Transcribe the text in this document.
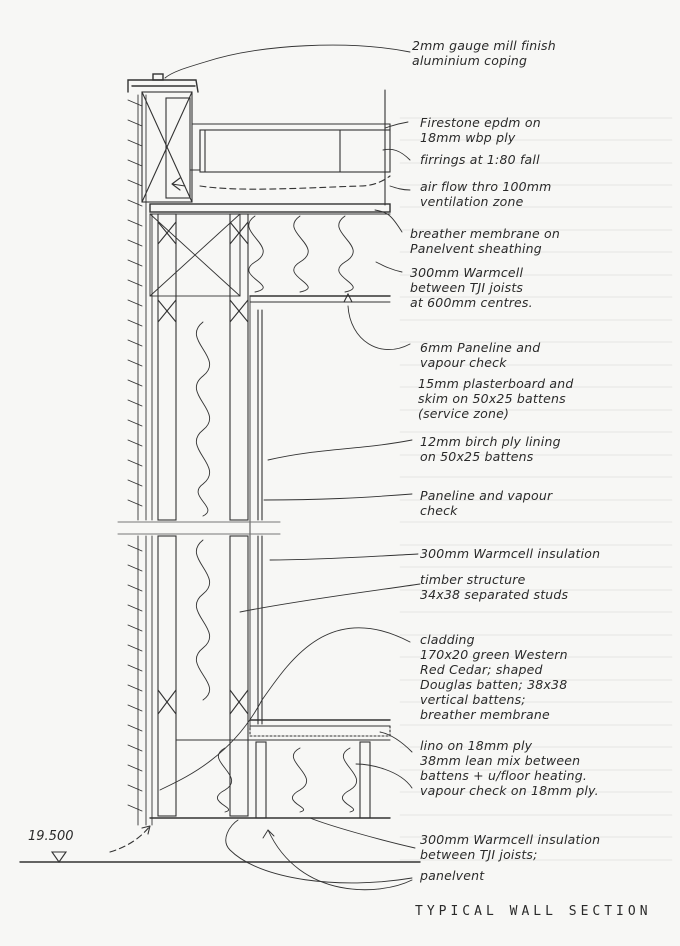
2mm gauge mill finish
aluminium coping
Firestone epdm on
18mm wbp ply
firrings at 1:80 fall
air flow thro 100mm
ventilation zone
breather membrane on
Panelvent sheathing
300mm Warmcell
between TJI joists
at 600mm centres.
6mm Paneline and
vapour check
15mm plasterboard and
skim on 50x25 battens
(service zone)
12mm birch ply lining
on 50x25 battens
Paneline and vapour
check
300mm Warmcell insulation
timber structure
34x38 separated studs
cladding
170x20 green Western
Red Cedar; shaped
Douglas batten; 38x38
vertical battens;
breather membrane
lino on 18mm ply
38mm lean mix between
battens + u/floor heating.
vapour check on 18mm ply.
300mm Warmcell insulation
between TJI joists;
panelvent
19.500
TYPICAL WALL SECTION
